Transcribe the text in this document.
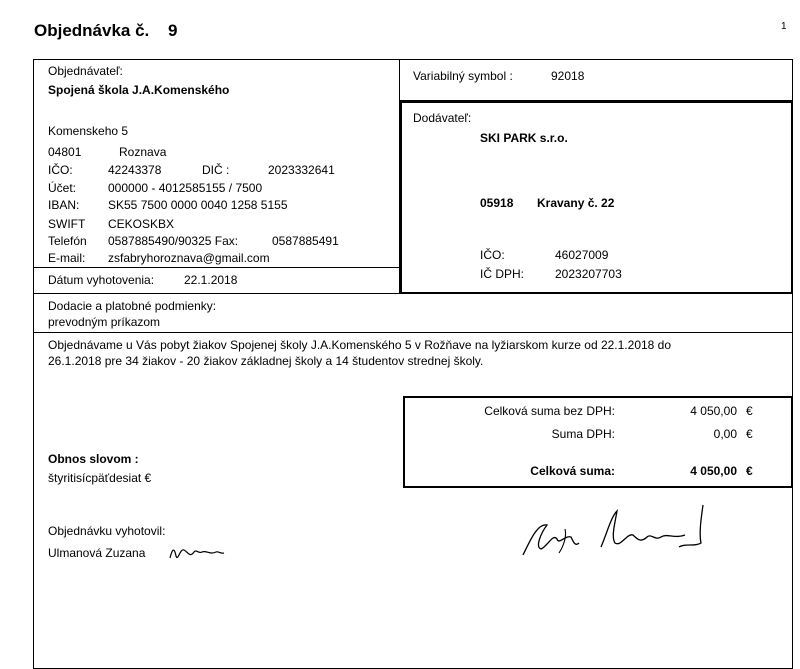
Objednávka č. 9	1
Variabilný symbol :	92018
Dodávateľ:
SKI PARK s.r.o.
05918 Kravany č. 22
IČO:	46027009
IČ DPH:	2023207703
Objednávateľ:
Spojená škola J.A.Komenského
Komenskeho 5
04801	Roznava
IČO:	42243378	DIČ :	2023332641
Účet:	000000 - 4012585155 / 7500
IBAN: SK55 7500 0000 0040 1258 5155
SWIFT CEKOSKBX
Telefón 0587885490/90325 Fax:	0587885491
E-mail: zsfabryhoroznava@gmail.com
Dátum vyhotovenia: 22.1.2018
Dodacie a platobné podmienky:
prevodným príkazom
Objednávame u Vás pobyt žiakov Spojenej školy J.A.Komenského 5 v Rožňave na lyžiarskom kurze od 22.1.2018 do
26.1.2018 pre 34 žiakov - 20 žiakov základnej školy a 14 študentov strednej školy.
Celková suma bez DPH:	4 050,00 €
Suma DPH:	0,00 €
Celková suma:	4 050,00 €
Obnos slovom :
štyritisícpäťdesiat €
Objednávku vyhotovil:
Ulmanová Zuzana
